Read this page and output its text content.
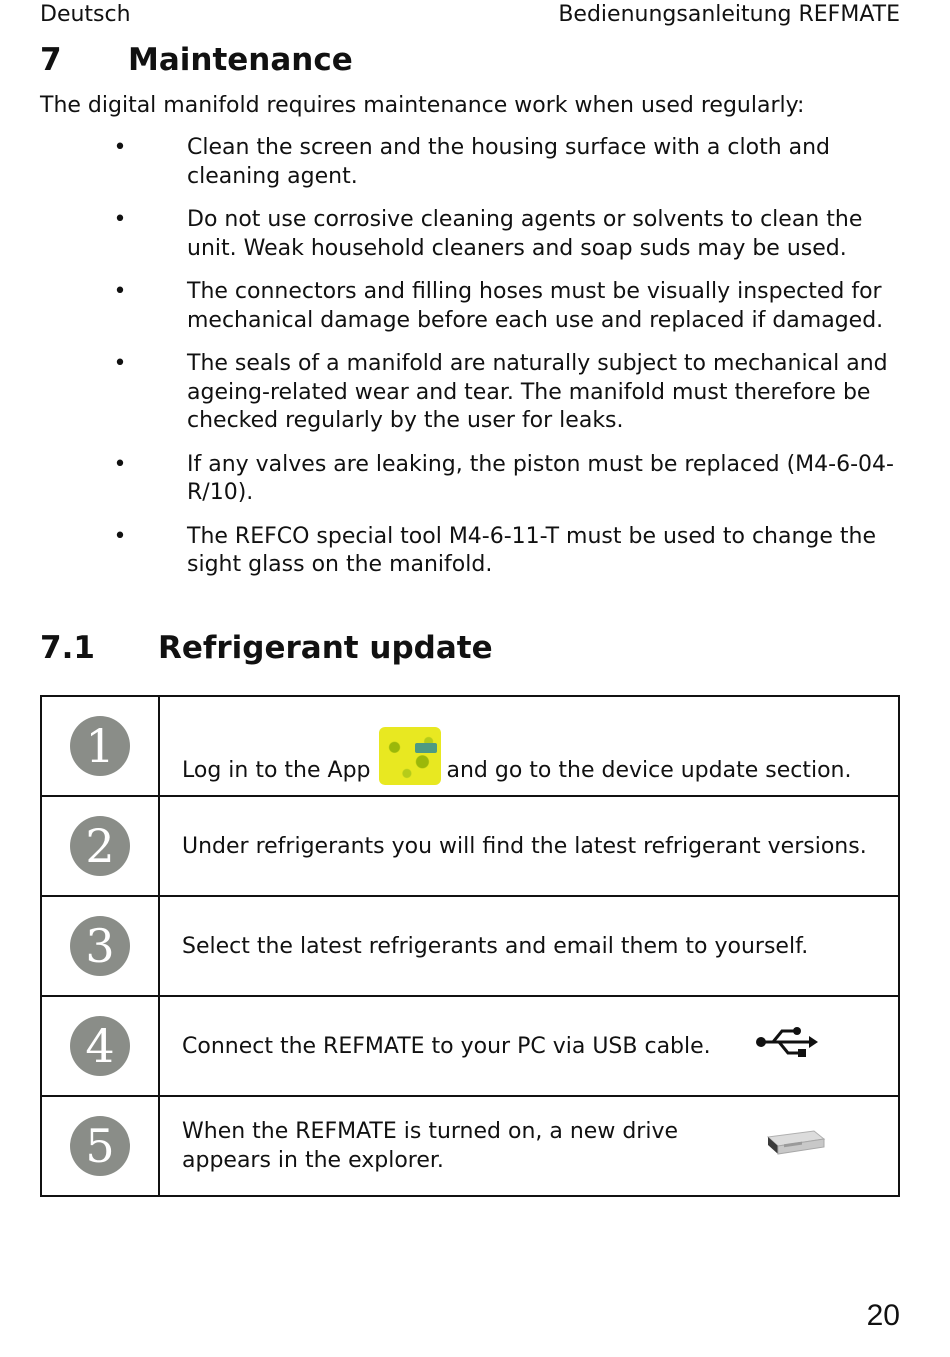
Deutsch	Bedienungsanleitung REFMATE
7	Maintenance

The digital manifold requires maintenance work when used regularly:

•	Clean the screen and the housing surface with a cloth and cleaning agent.
•	Do not use corrosive cleaning agents or solvents to clean the unit. Weak household cleaners and soap suds may be used.
•	The connectors and filling hoses must be visually inspected for mechanical damage before each use and replaced if damaged.
•	The seals of a manifold are naturally subject to mechanical and ageing-related wear and tear. The manifold must therefore be checked regularly by the user for leaks.
•	If any valves are leaking, the piston must be replaced (M4-6-04-R/10).
•	The REFCO special tool M4-6-11-T must be used to change the sight glass on the manifold.
7.1	Refrigerant update
1	Log in to the App and go to the device update section.

2	Under refrigerants you will find the latest refrigerant versions.
3	Select the latest refrigerants and email them to yourself.
4	Connect the REFMATE to your PC via USB cable.

5	When the REFMATE is turned on, a new drive appears in the explorer.
20
